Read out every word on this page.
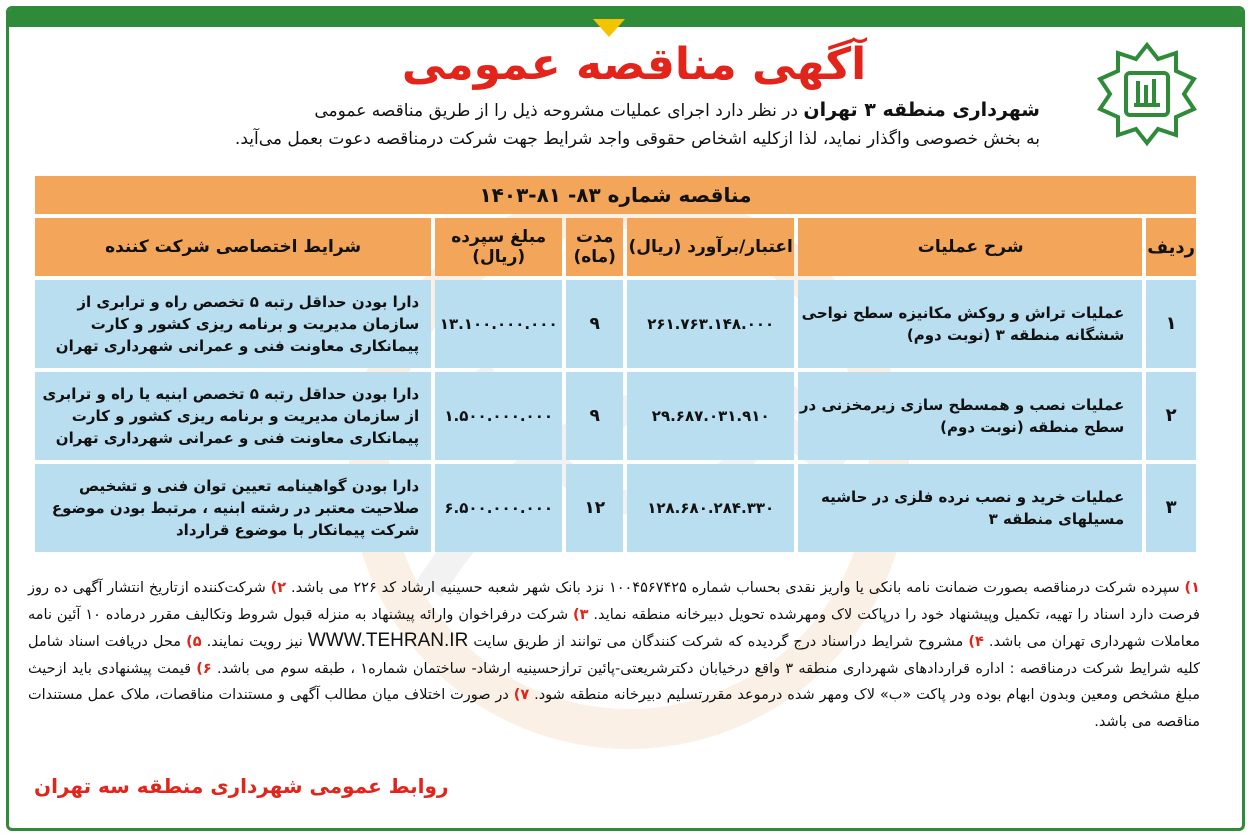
آگهی مناقصه عمومی
شهرداری منطقه ۳ تهران در نظر دارد اجرای عملیات مشروحه ذیل را از طریق مناقصه عمومی
به بخش خصوصی واگذار نماید، لذا ازکلیه اشخاص حقوقی واجد شرایط جهت شرکت درمناقصه دعوت بعمل می‌آید.
مناقصه شماره ۸۳- ۸۱-۱۴۰۳					
ردیف	شرح عملیات	اعتبار/برآورد (ریال)	مدت (ماه)	مبلغ سپرده (ریال)	شرایط اختصاصی شرکت کننده
۱	عملیات تراش و روکش مکانیزه سطح نواحی ششگانه منطقه ۳ (نوبت دوم)	۲۶۱.۷۶۳.۱۴۸.۰۰۰	۹	۱۳.۱۰۰.۰۰۰.۰۰۰	دارا بودن حداقل رتبه ۵ تخصص راه و ترابری از سازمان مدیریت و برنامه ریزی کشور و کارت پیمانکاری معاونت فنی و عمرانی شهرداری تهران
۲	عملیات نصب و همسطح سازی زیرمخزنی در سطح منطقه (نوبت دوم)	۲۹.۶۸۷.۰۳۱.۹۱۰	۹	۱.۵۰۰.۰۰۰.۰۰۰	دارا بودن حداقل رتبه ۵ تخصص ابنیه یا راه و ترابری از سازمان مدیریت و برنامه ریزی کشور و کارت پیمانکاری معاونت فنی و عمرانی شهرداری تهران
۳	عملیات خرید و نصب نرده فلزی در حاشیه مسیلهای منطقه ۳	۱۲۸.۶۸۰.۲۸۴.۳۳۰	۱۲	۶.۵۰۰.۰۰۰.۰۰۰	دارا بودن گواهینامه تعیین توان فنی و تشخیص صلاحیت معتبر در رشته ابنیه ، مرتبط بودن موضوع شرکت پیمانکار با موضوع قرارداد
۱) سپرده شرکت درمناقصه بصورت ضمانت نامه بانکی یا واریز نقدی بحساب شماره ۱۰۰۴۵۶۷۴۲۵ نزد بانک شهر شعبه حسینیه ارشاد کد ۲۲۶ می باشد. ۲) شرکت‌کننده ازتاریخ انتشار آگهی ده روز فرصت دارد اسناد را تهیه، تکمیل وپیشنهاد خود را درپاکت لاک ومهرشده تحویل دبیرخانه منطقه نماید. ۳) شرکت درفراخوان وارائه پیشنهاد به منزله قبول شروط وتکالیف مقرر درماده ۱۰ آئین نامه معاملات شهرداری تهران می باشد. ۴) مشروح شرایط دراسناد درج گردیده که شرکت کنندگان می توانند از طریق سایت WWW.TEHRAN.IR نیز رویت نمایند. ۵) محل دریافت اسناد شامل کلیه شرایط شرکت درمناقصه : اداره قراردادهای شهرداری منطقه ۳ واقع درخیابان دکترشریعتی-پائین ترازحسینیه ارشاد- ساختمان شماره۱ ، طبقه سوم می باشد. ۶) قیمت پیشنهادی باید ازحیث مبلغ مشخص ومعین وبدون ابهام بوده ودر پاکت «ب» لاک ومهر شده درموعد مقررتسلیم دبیرخانه منطقه شود. ۷) در صورت اختلاف میان مطالب آگهی و مستندات مناقصات، ملاک عمل مستندات مناقصه می باشد.
روابط عمومی شهرداری منطقه سه تهران
